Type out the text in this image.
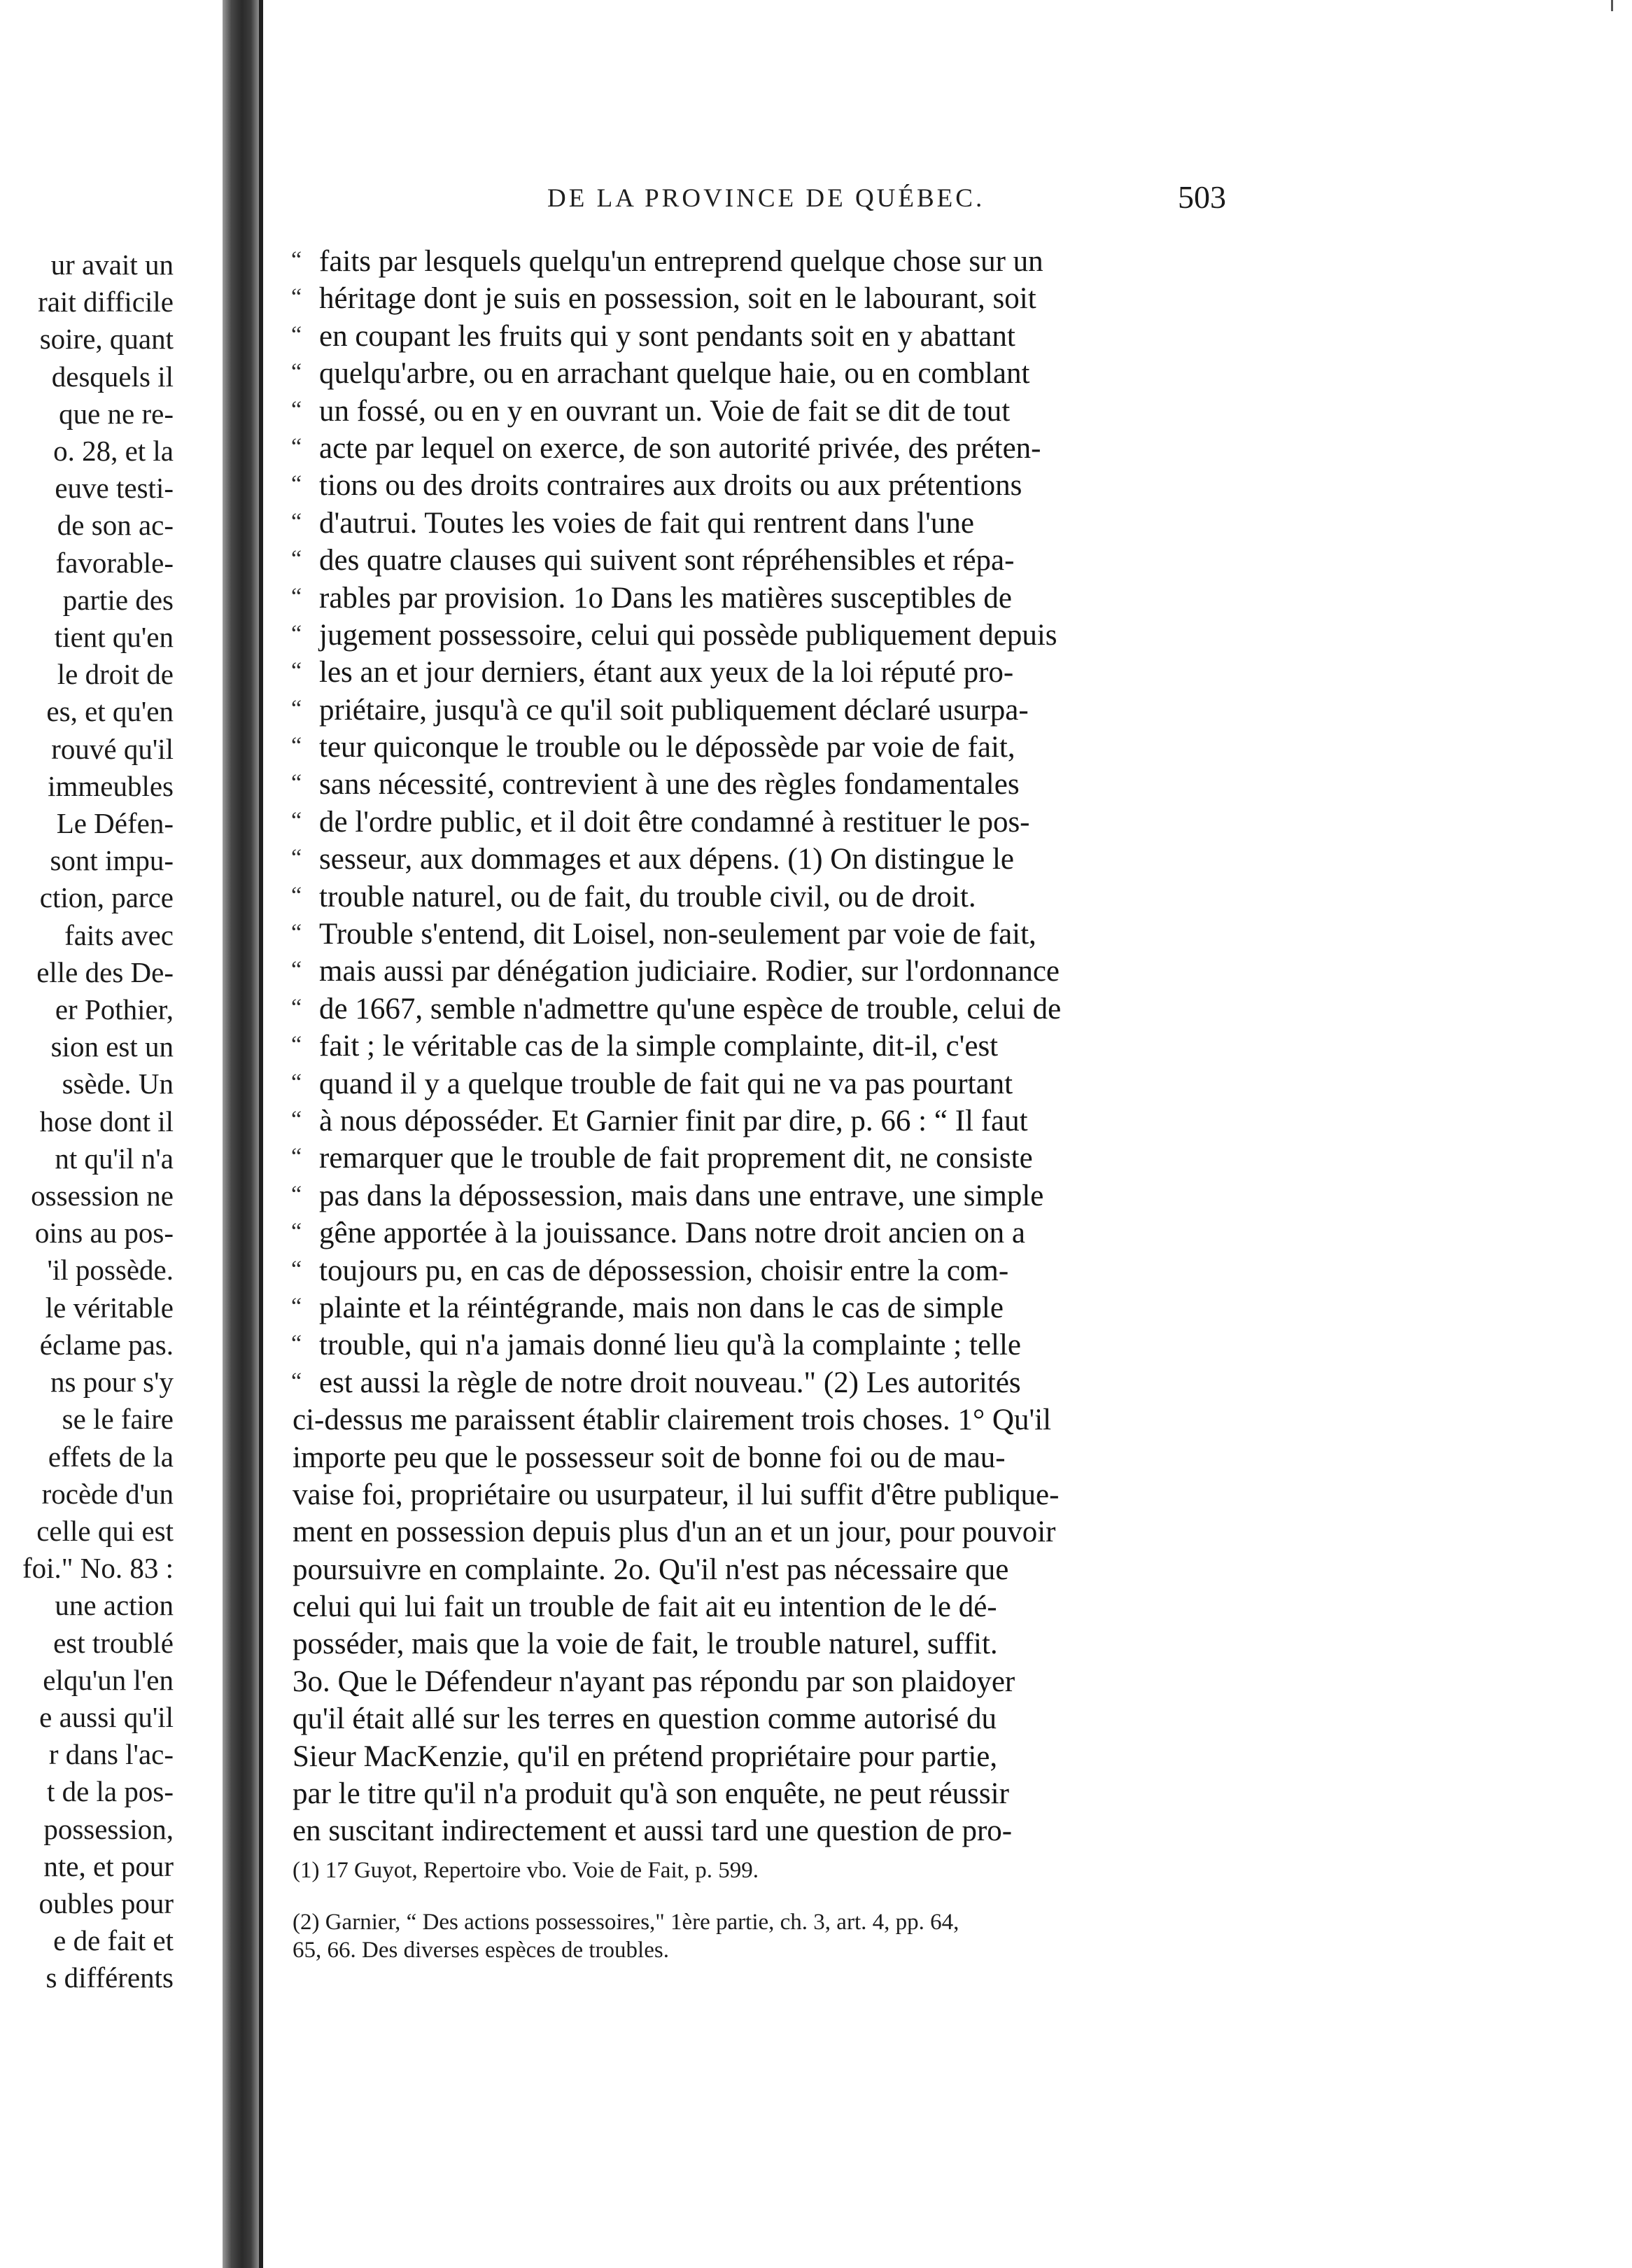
ur avait un
rait difficile
soire, quant
desquels il
que ne re-
o. 28, et la
euve testi-
de son ac-
favorable-
partie des
tient qu'en
le droit de
es, et qu'en
rouvé qu'il
immeubles
Le Défen-
sont impu-
ction, parce
faits avec
elle des De-
er Pothier,
sion est un
ssède. Un
hose dont il
nt qu'il n'a
ossession ne
oins au pos-
'il possède.
le véritable
éclame pas.
ns pour s'y
se le faire
effets de la
rocède d'un
celle qui est
foi." No. 83 :
une action
est troublé
elqu'un l'en
e aussi qu'il
r dans l'ac-
t de la pos-
possession,
nte, et pour
oubles pour
e de fait et
s différents
DE LA PROVINCE DE QUÉBEC.	503
“ faits par lesquels quelqu'un entreprend quelque chose sur un
“ héritage dont je suis en possession, soit en le labourant, soit
“ en coupant les fruits qui y sont pendants soit en y abattant
“ quelqu'arbre, ou en arrachant quelque haie, ou en comblant
“ un fossé, ou en y en ouvrant un. Voie de fait se dit de tout
“ acte par lequel on exerce, de son autorité privée, des préten-
“ tions ou des droits contraires aux droits ou aux prétentions
“ d'autrui. Toutes les voies de fait qui rentrent dans l'une
“ des quatre clauses qui suivent sont répréhensibles et répa-
“ rables par provision. 1o Dans les matières susceptibles de
“ jugement possessoire, celui qui possède publiquement depuis
“ les an et jour derniers, étant aux yeux de la loi réputé pro-
“ priétaire, jusqu'à ce qu'il soit publiquement déclaré usurpa-
“ teur quiconque le trouble ou le dépossède par voie de fait,
“ sans nécessité, contrevient à une des règles fondamentales
“ de l'ordre public, et il doit être condamné à restituer le pos-
“ sesseur, aux dommages et aux dépens. (1) On distingue le
“ trouble naturel, ou de fait, du trouble civil, ou de droit.
“ Trouble s'entend, dit Loisel, non-seulement par voie de fait,
“ mais aussi par dénégation judiciaire. Rodier, sur l'ordonnance
“ de 1667, semble n'admettre qu'une espèce de trouble, celui de
“ fait ; le véritable cas de la simple complainte, dit-il, c'est
“ quand il y a quelque trouble de fait qui ne va pas pourtant
“ à nous déposséder. Et Garnier finit par dire, p. 66 : “ Il faut
“ remarquer que le trouble de fait proprement dit, ne consiste
“ pas dans la dépossession, mais dans une entrave, une simple
“ gêne apportée à la jouissance. Dans notre droit ancien on a
“ toujours pu, en cas de dépossession, choisir entre la com-
“ plainte et la réintégrande, mais non dans le cas de simple
“ trouble, qui n'a jamais donné lieu qu'à la complainte ; telle
“ est aussi la règle de notre droit nouveau." (2) Les autorités
ci-dessus me paraissent établir clairement trois choses. 1° Qu'il
importe peu que le possesseur soit de bonne foi ou de mau-
vaise foi, propriétaire ou usurpateur, il lui suffit d'être publique-
ment en possession depuis plus d'un an et un jour, pour pouvoir
poursuivre en complainte. 2o. Qu'il n'est pas nécessaire que
celui qui lui fait un trouble de fait ait eu intention de le dé-
posséder, mais que la voie de fait, le trouble naturel, suffit.
3o. Que le Défendeur n'ayant pas répondu par son plaidoyer
qu'il était allé sur les terres en question comme autorisé du
Sieur MacKenzie, qu'il en prétend propriétaire pour partie,
par le titre qu'il n'a produit qu'à son enquête, ne peut réussir
en suscitant indirectement et aussi tard une question de pro-
(1) 17 Guyot, Repertoire vbo. Voie de Fait, p. 599.
(2) Garnier, “ Des actions possessoires," 1ère partie, ch. 3, art. 4, pp. 64,
65, 66. Des diverses espèces de troubles.
